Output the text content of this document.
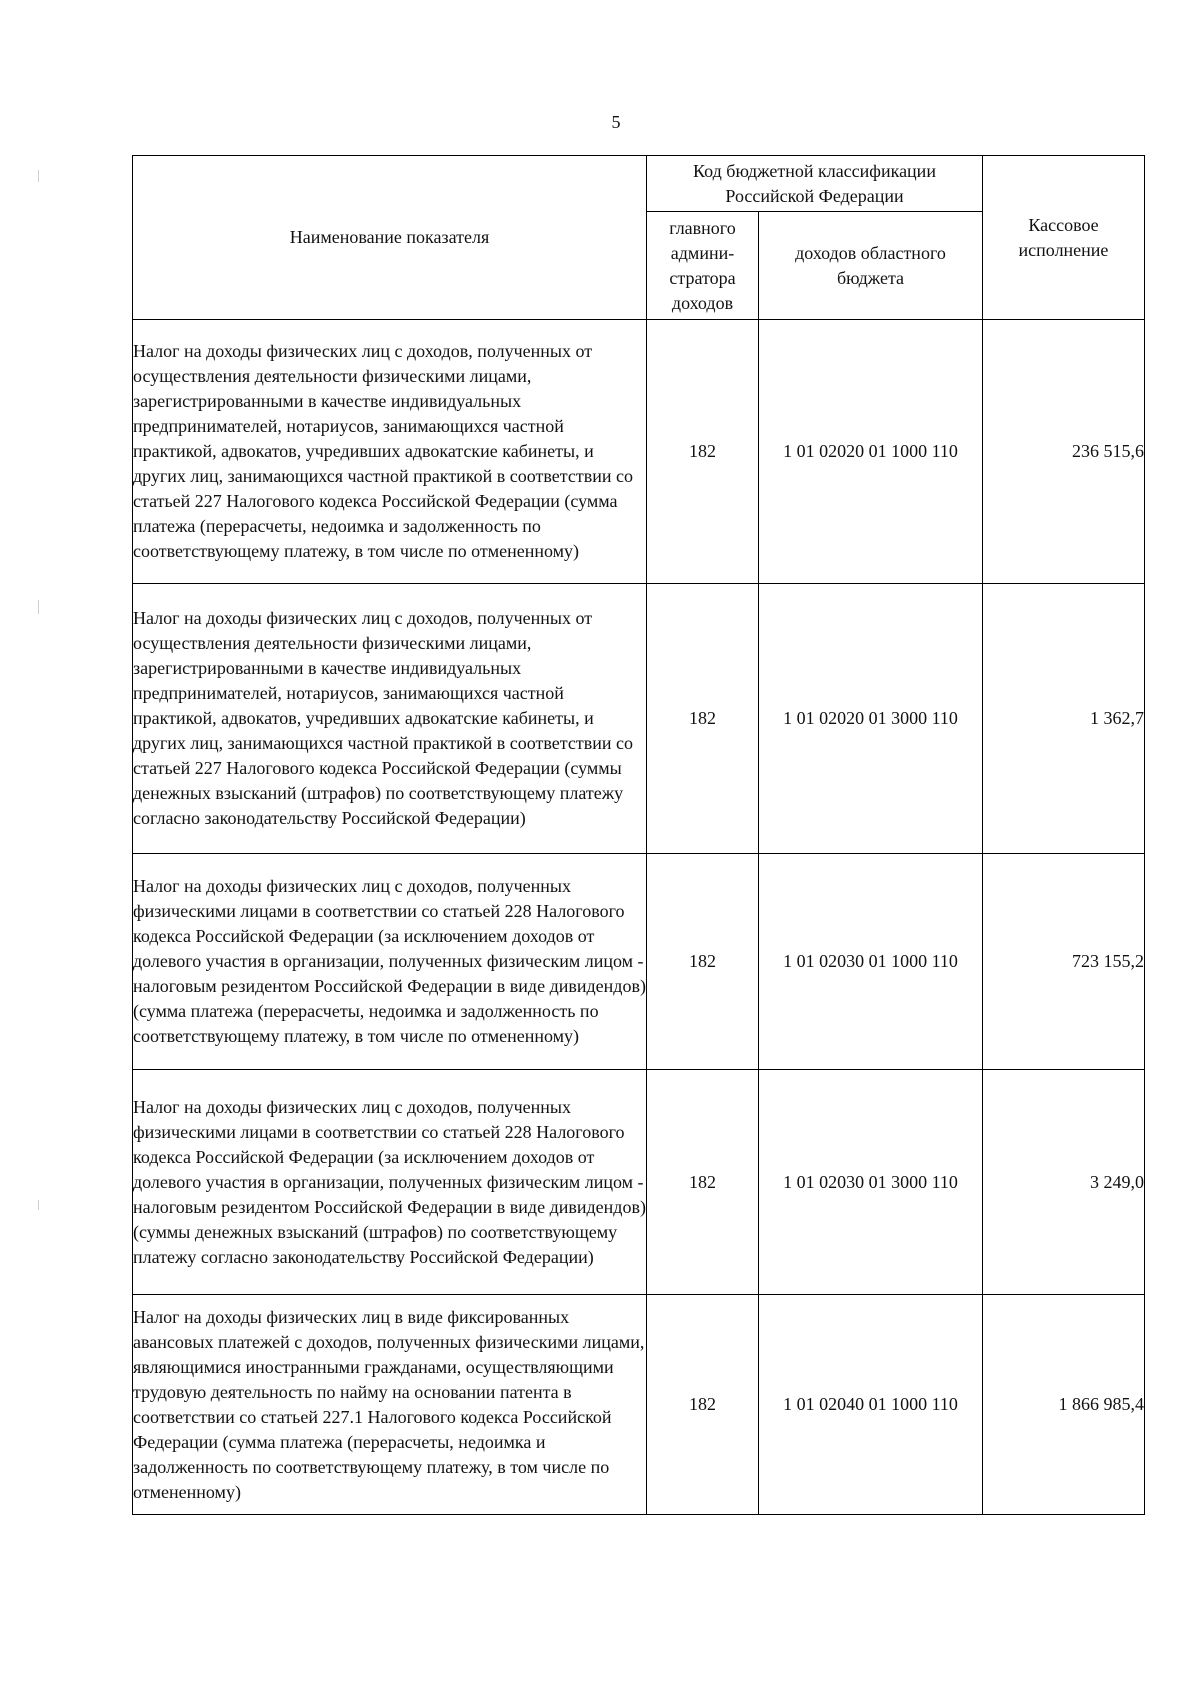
5
Наименование показателя	Код бюджетной классификации Российской Федерации		Кассовое исполнение
	главного админи- стратора доходов	доходов областного бюджета	
Налог на доходы физических лиц с доходов, полученных от осуществления деятельности физическими лицами, зарегистрированными в качестве индивидуальных предпринимателей, нотариусов, занимающихся частной практикой, адвокатов, учредивших адвокатские кабинеты, и других лиц, занимающихся частной практикой в соответствии со статьей 227 Налогового кодекса Российской Федерации (сумма платежа (перерасчеты, недоимка и задолженность по соответствующему платежу, в том числе по отмененному)	182	1 01 02020 01 1000 110	236 515,6
Налог на доходы физических лиц с доходов, полученных от осуществления деятельности физическими лицами, зарегистрированными в качестве индивидуальных предпринимателей, нотариусов, занимающихся частной практикой, адвокатов, учредивших адвокатские кабинеты, и других лиц, занимающихся частной практикой в соответствии со статьей 227 Налогового кодекса Российской Федерации (суммы денежных взысканий (штрафов) по соответствующему платежу согласно законодательству Российской Федерации)	182	1 01 02020 01 3000 110	1 362,7
Налог на доходы физических лиц с доходов, полученных физическими лицами в соответствии со статьей 228 Налогового кодекса Российской Федерации (за исключением доходов от долевого участия в организации, полученных физическим лицом - налоговым резидентом Российской Федерации в виде дивидендов) (сумма платежа (перерасчеты, недоимка и задолженность по соответствующему платежу, в том числе по отмененному)	182	1 01 02030 01 1000 110	723 155,2
Налог на доходы физических лиц с доходов, полученных физическими лицами в соответствии со статьей 228 Налогового кодекса Российской Федерации (за исключением доходов от долевого участия в организации, полученных физическим лицом - налоговым резидентом Российской Федерации в виде дивидендов) (суммы денежных взысканий (штрафов) по соответствующему платежу согласно законодательству Российской Федерации)	182	1 01 02030 01 3000 110	3 249,0
Налог на доходы физических лиц в виде фиксированных авансовых платежей с доходов, полученных физическими лицами, являющимися иностранными гражданами, осуществляющими трудовую деятельность по найму на основании патента в соответствии со статьей 227.1 Налогового кодекса Российской Федерации (сумма платежа (перерасчеты, недоимка и задолженность по соответствующему платежу, в том числе по отмененному)	182	1 01 02040 01 1000 110	1 866 985,4
